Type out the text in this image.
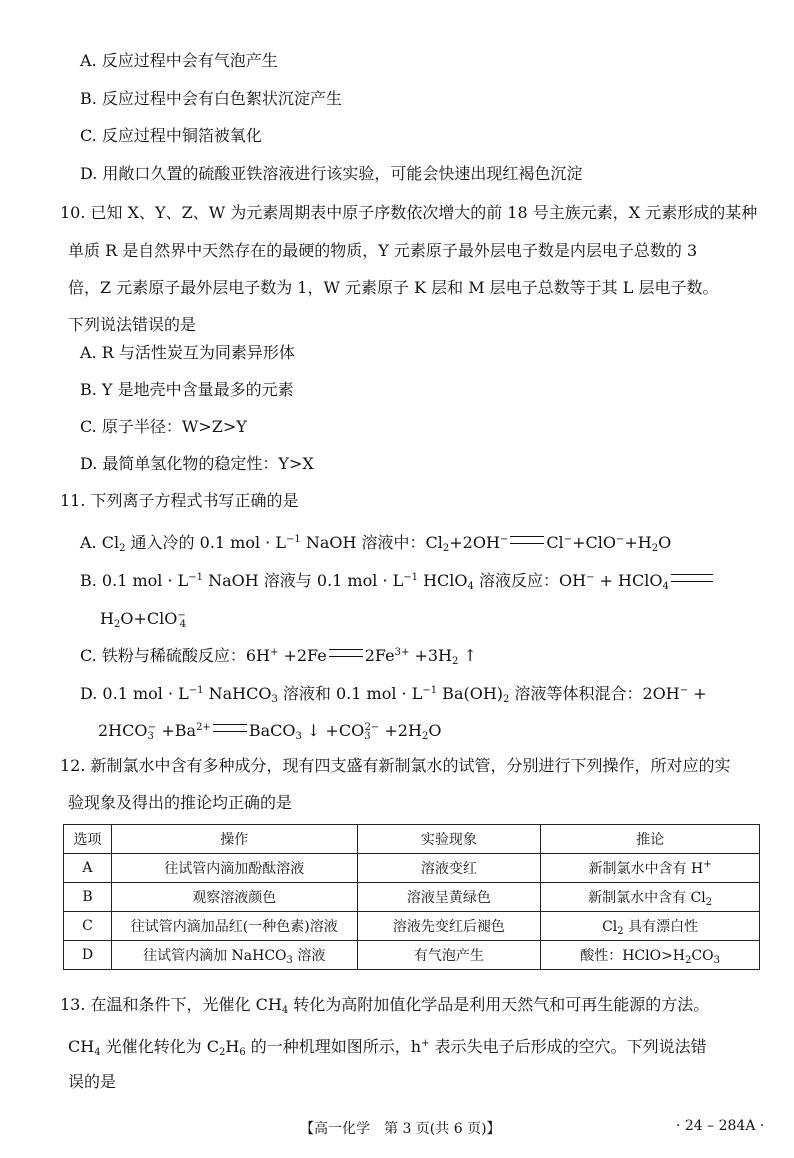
A. 反应过程中会有气泡产生
B. 反应过程中会有白色絮状沉淀产生
C. 反应过程中铜箔被氧化
D. 用敞口久置的硫酸亚铁溶液进行该实验，可能会快速出现红褐色沉淀
10. 已知 X、Y、Z、W 为元素周期表中原子序数依次增大的前 18 号主族元素，X 元素形成的某种
单质 R 是自然界中天然存在的最硬的物质，Y 元素原子最外层电子数是内层电子总数的 3
倍，Z 元素原子最外层电子数为 1，W 元素原子 K 层和 M 层电子总数等于其 L 层电子数。
下列说法错误的是
A. R 与活性炭互为同素异形体
B. Y 是地壳中含量最多的元素
C. 原子半径：W>Z>Y
D. 最简单氢化物的稳定性：Y>X
11. 下列离子方程式书写正确的是
A. $Cl_2$ 通入冷的 0.1 mol · $L^{-1}$ NaOH 溶液中：$Cl_2+2OH^-$ $Cl^-+ClO^-+H_2O$
B. 0.1 mol · $L^{-1}$ NaOH 溶液与 0.1 mol · $L^{-1}$ HClO$_4$ 溶液反应：OH− + HClO$_4$
$H_2O+ClO^-_4$
C. 铁粉与稀硫酸反应：6H+ +2Fe $2Fe^{3+} +3H_2$ ↑
D. 0.1 mol · $L^{-1}$ NaHCO$_3$ 溶液和 0.1 mol · $L^{-1}$ $Ba(OH)_2$ 溶液等体积混合：2OH− +
$2HCO_3^- +Ba^{2+}$ BaCO$_3$ ↓ $+CO_3^{2-} +2H_2O$
12. 新制氯水中含有多种成分，现有四支盛有新制氯水的试管，分别进行下列操作，所对应的实
验现象及得出的推论均正确的是
选项	操作	实验现象	推论
A	往试管内滴加酚酞溶液	溶液变红	新制氯水中含有 H+
B	观察溶液颜色	溶液呈黄绿色	新制氯水中含有 $Cl_2$
C	往试管内滴加品红(一种色素)溶液	溶液先变红后褪色	$Cl_2$ 具有漂白性
D	往试管内滴加 NaHCO$_3$ 溶液	有气泡产生	酸性：$HClO>H_2CO_3$
13. 在温和条件下，光催化 $CH_4$ 转化为高附加值化学品是利用天然气和可再生能源的方法。
$CH_4$ 光催化转化为 $C_2H_6$ 的一种机理如图所示，h+ 表示失电子后形成的空穴。下列说法错
误的是
【高一化学　第 3 页(共 6 页)】	· 24 – 284A ·
